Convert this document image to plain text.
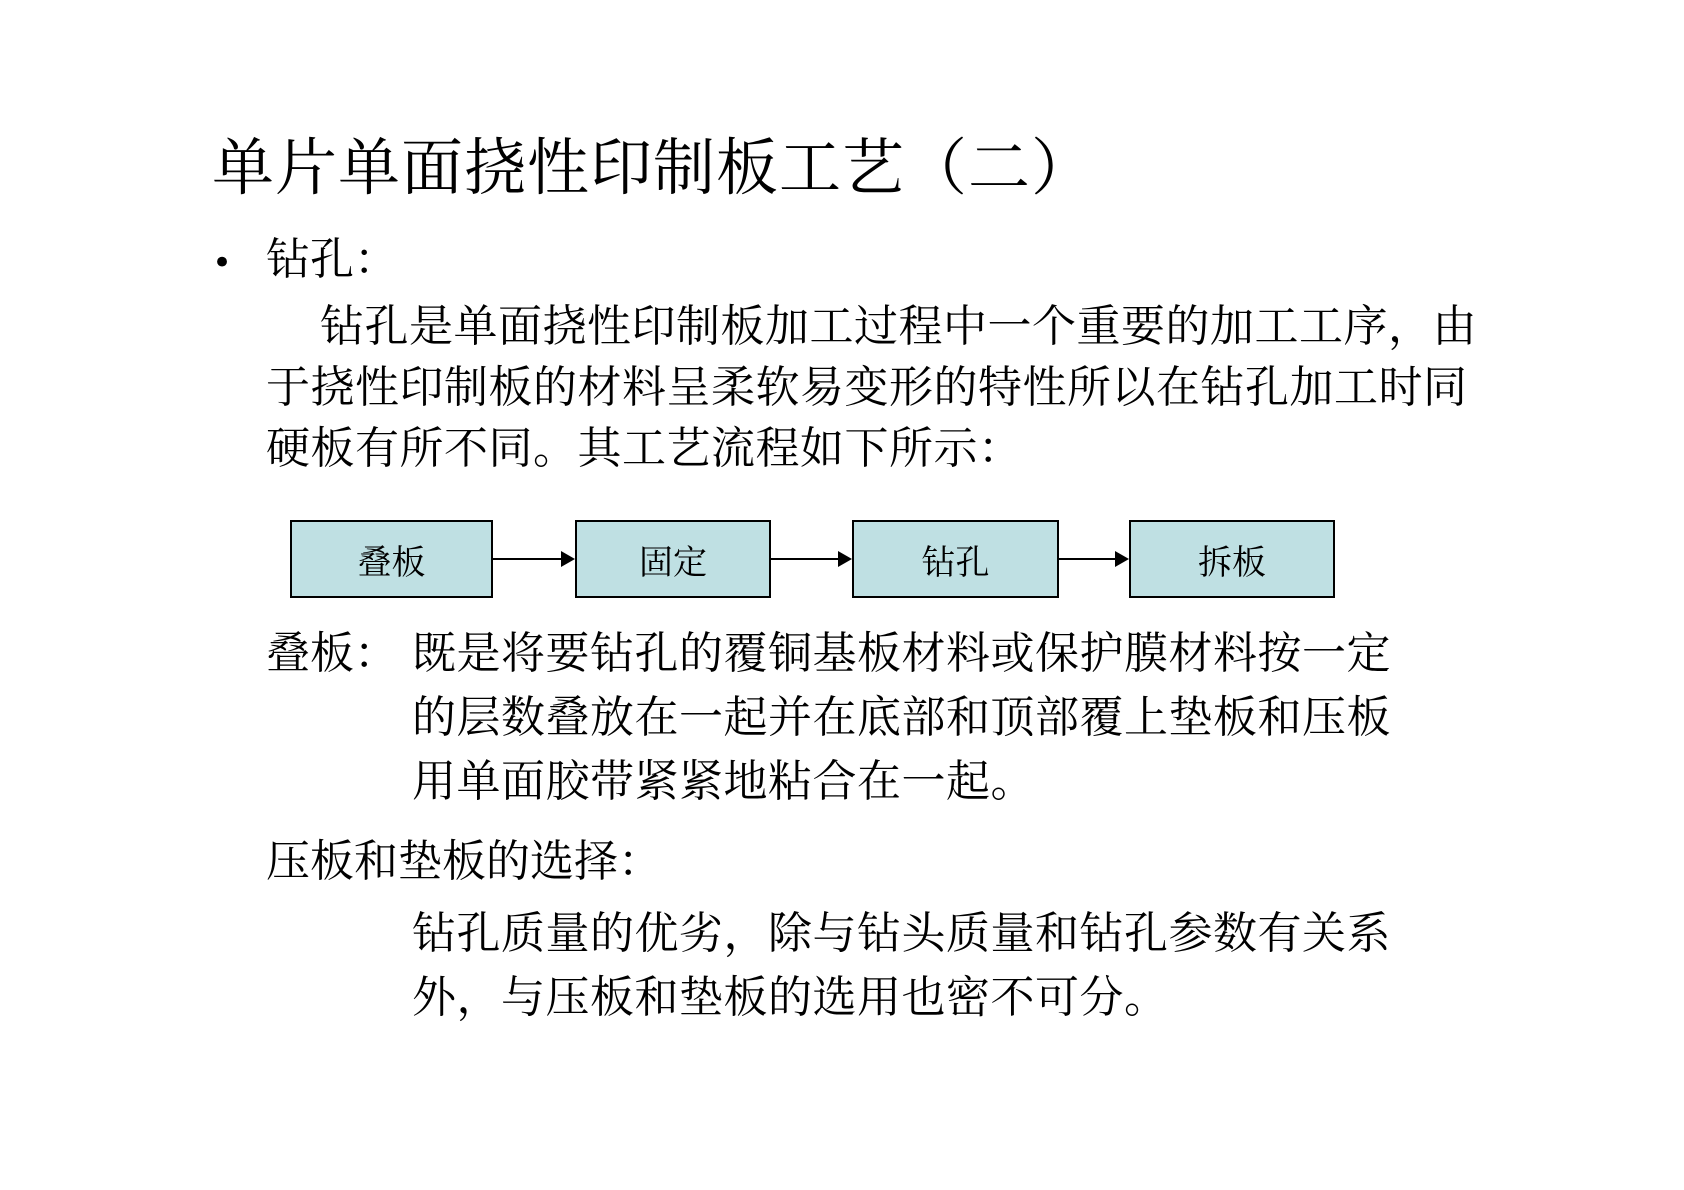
单片单面挠性印制板工艺（二）
• 钻孔：
钻孔是单面挠性印制板加工过程中一个重要的加工工序，由于挠性印制板的材料呈柔软易变形的特性所以在钻孔加工时同硬板有所不同。其工艺流程如下所示：
叠板	固定	钻孔	拆板
叠板： 既是将要钻孔的覆铜基板材料或保护膜材料按一定的层数叠放在一起并在底部和顶部覆上垫板和压板用单面胶带紧紧地粘合在一起。
压板和垫板的选择：
钻孔质量的优劣，除与钻头质量和钻孔参数有关系外，与压板和垫板的选用也密不可分。
